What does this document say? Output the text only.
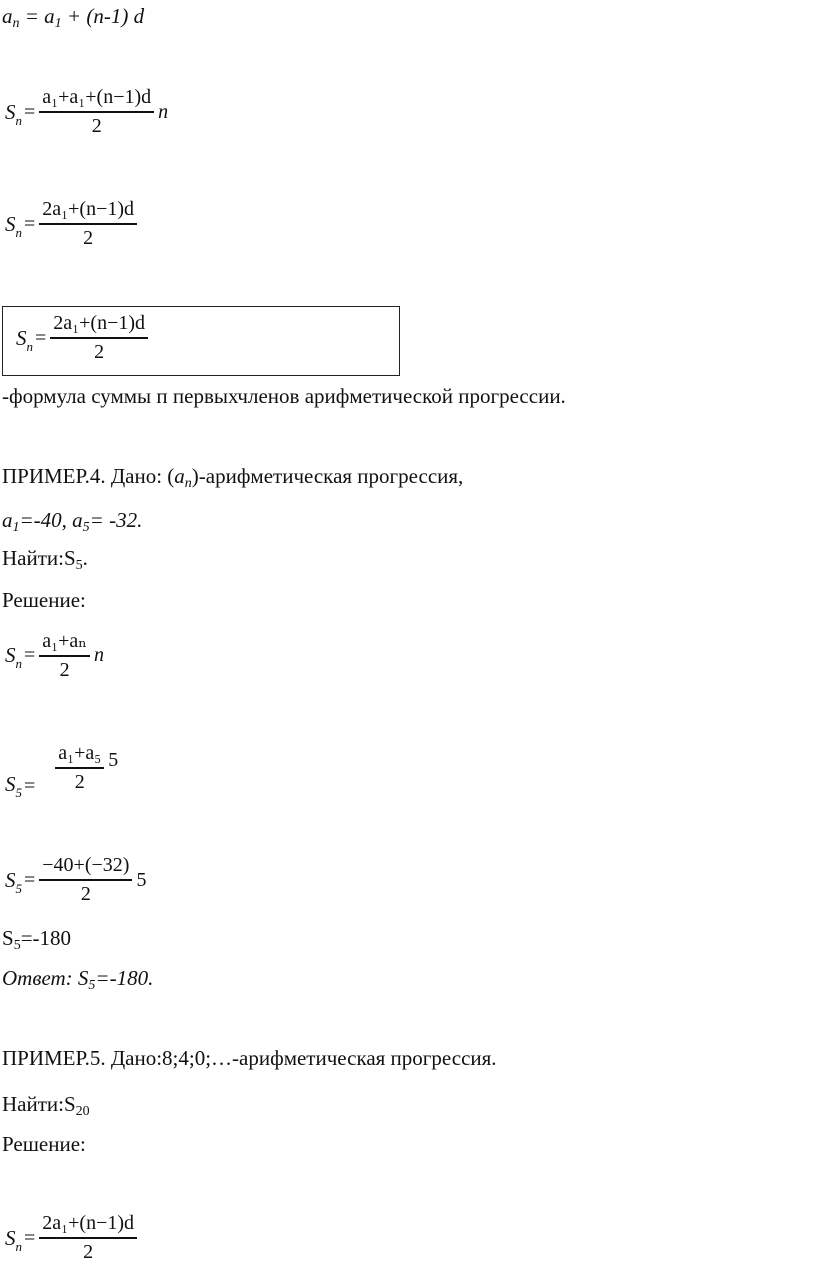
$a_n = a_1 + (n-1)$ d
$S_n = \frac{\text{a₁+a₁+(n−1)d}}{2}$ n
$S_n = \frac{\text{2a₁+(n−1)d}}{2}$
$S_n = \frac{\text{2a₁+(n−1)d}}{2}$
-формула суммы п первыхчленов арифметической прогрессии.
ПРИМЕР.4. Дано: $(a_n)$-арифметическая прогрессия,
$a_1=-40$, $a_5= -32$.
$Найти:S_5$.
Решение:
$S_n = \frac{\text{a₁+aₙ}}{2}$ n
$S_5 = \frac{\text{a₁+a₅}}{2} 5$
$S_5 = \frac{-40+(-32)}{2} 5$
$S_5=-180$
Ответ: $S_5=-180$.
ПРИМЕР.5. Дано:8;4;0;…-арифметическая прогрессия.
$Найти:S_{20}$
Решение:
$S_n = \frac{\text{2a₁+(n−1)d}}{2}$
